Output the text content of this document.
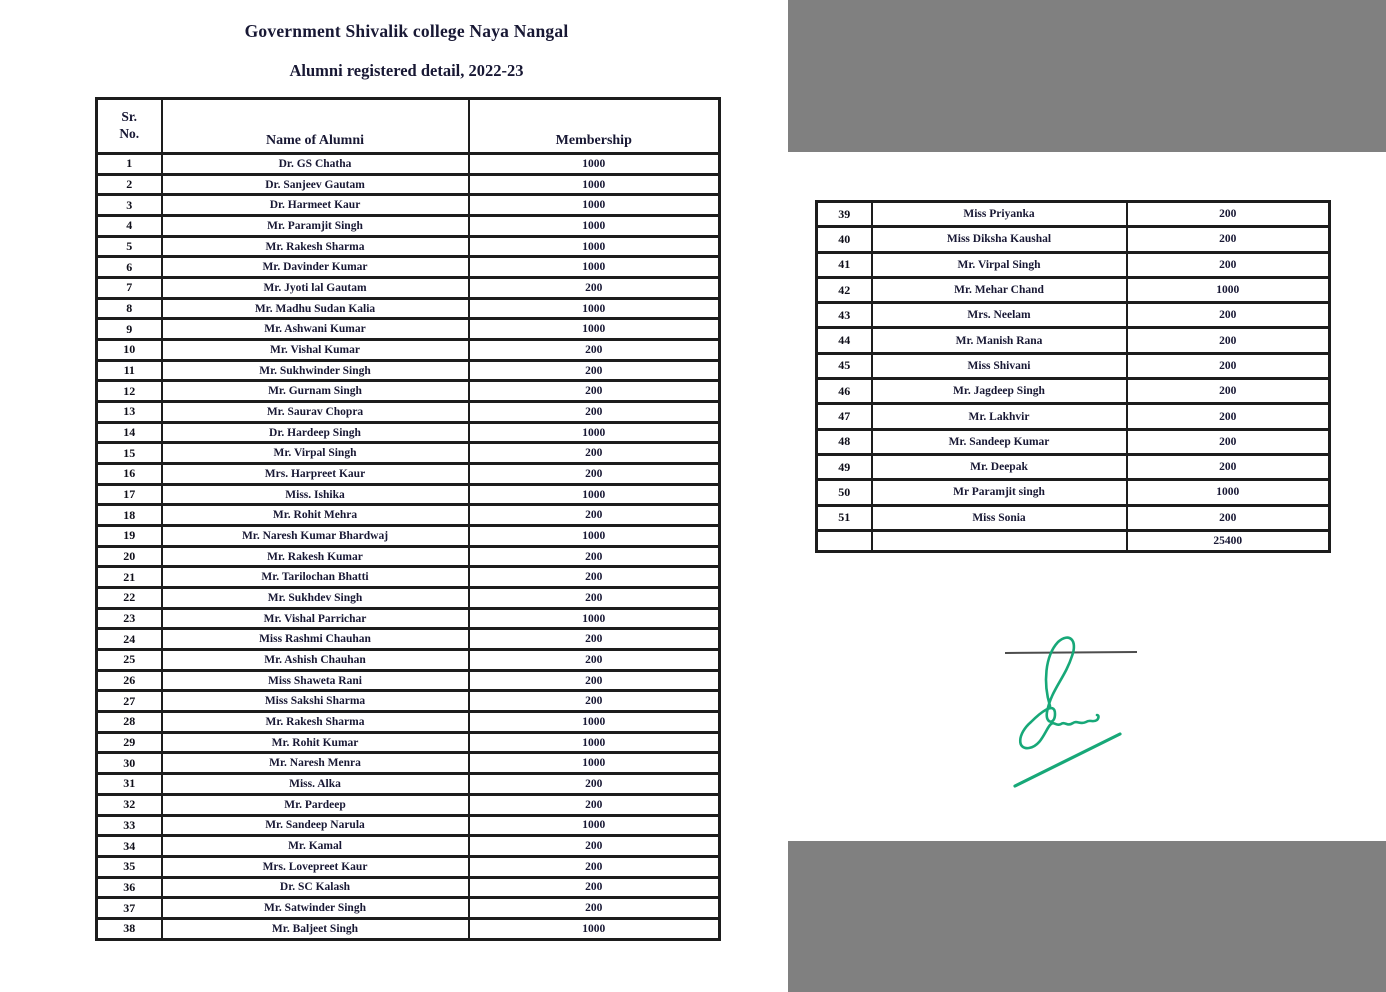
Government Shivalik college Naya Nangal
Alumni registered detail, 2022-23
Sr.
No.	Name of Alumni	Membership
1	Dr. GS Chatha	1000
2	Dr. Sanjeev Gautam	1000
3	Dr. Harmeet Kaur	1000
4	Mr. Paramjit Singh	1000
5	Mr. Rakesh Sharma	1000
6	Mr. Davinder Kumar	1000
7	Mr. Jyoti lal Gautam	200
8	Mr. Madhu Sudan Kalia	1000
9	Mr. Ashwani Kumar	1000
10	Mr. Vishal Kumar	200
11	Mr. Sukhwinder Singh	200
12	Mr. Gurnam Singh	200
13	Mr. Saurav Chopra	200
14	Dr. Hardeep Singh	1000
15	Mr. Virpal Singh	200
16	Mrs. Harpreet Kaur	200
17	Miss. Ishika	1000
18	Mr. Rohit Mehra	200
19	Mr. Naresh Kumar Bhardwaj	1000
20	Mr. Rakesh Kumar	200
21	Mr. Tarilochan Bhatti	200
22	Mr. Sukhdev Singh	200
23	Mr. Vishal Parrichar	1000
24	Miss Rashmi Chauhan	200
25	Mr. Ashish Chauhan	200
26	Miss Shaweta Rani	200
27	Miss Sakshi Sharma	200
28	Mr. Rakesh Sharma	1000
29	Mr. Rohit Kumar	1000
30	Mr. Naresh Menra	1000
31	Miss. Alka	200
32	Mr. Pardeep	200
33	Mr. Sandeep Narula	1000
34	Mr. Kamal	200
35	Mrs. Lovepreet Kaur	200
36	Dr. SC Kalash	200
37	Mr. Satwinder Singh	200
38	Mr. Baljeet Singh	1000
39	Miss Priyanka	200
40	Miss Diksha Kaushal	200
41	Mr. Virpal Singh	200
42	Mr. Mehar Chand	1000
43	Mrs. Neelam	200
44	Mr. Manish Rana	200
45	Miss Shivani	200
46	Mr. Jagdeep Singh	200
47	Mr. Lakhvir	200
48	Mr. Sandeep Kumar	200
49	Mr. Deepak	200
50	Mr Paramjit singh	1000
51	Miss Sonia	200
		25400
